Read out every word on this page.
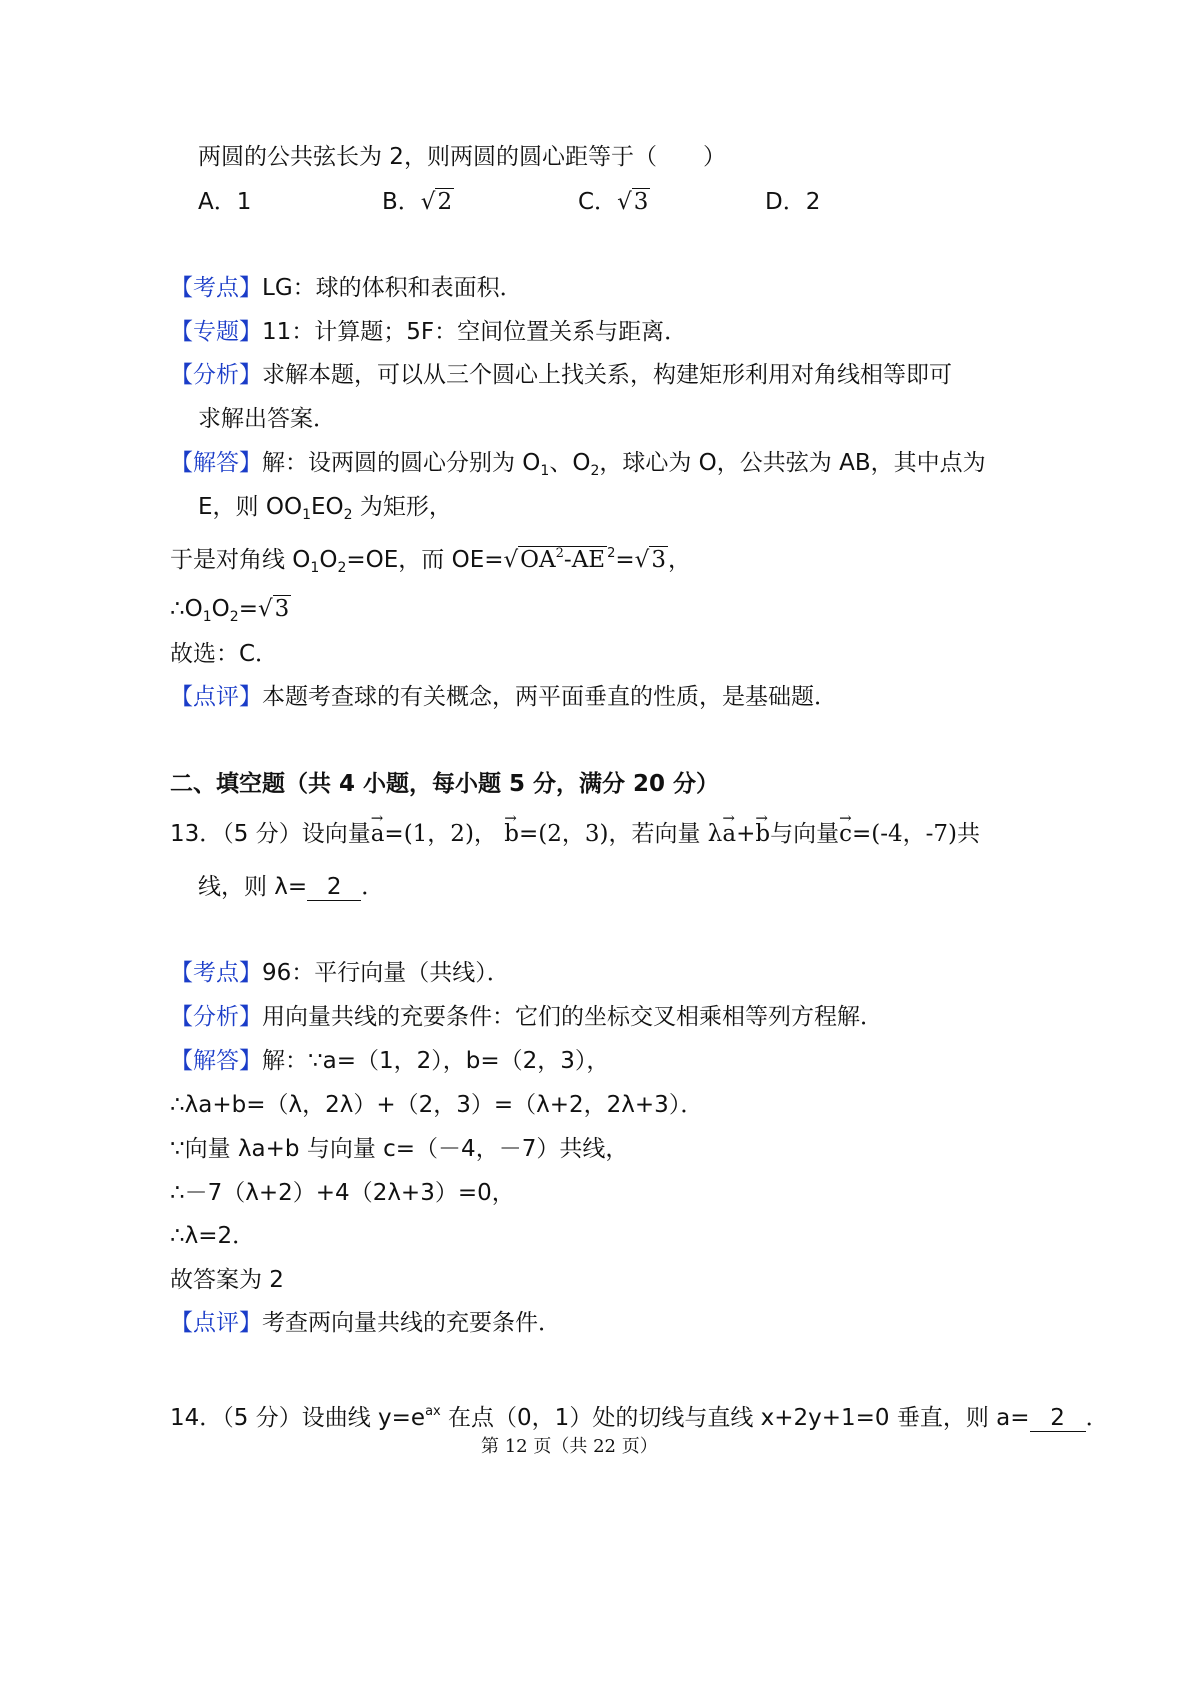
两圆的公共弦长为 2，则两圆的圆心距等于（　　）
A．1	B．√2	C．√3	D．2
【考点】LG：球的体积和表面积．
【专题】11：计算题；5F：空间位置关系与距离．
【分析】求解本题，可以从三个圆心上找关系，构建矩形利用对角线相等即可
求解出答案．
【解答】解：设两圆的圆心分别为 $O_1$、$O_2$，球心为 O，公共弦为 AB，其中点为
E，则 $OO_1EO_2$ 为矩形，
于是对角线 $O_1O_2=OE$，而 $OE=√OA^2-AE$ $^2$=√3，
$\therefore O_1O_2=√3$
故选：C．
【点评】本题考查球的有关概念，两平面垂直的性质，是基础题．
二、填空题（共 4 小题，每小题 5 分，满分 20 分）
13．（5 分）设向量→ a=(1，2)， → b=(2，3)，若向量 λ→ a+→ b与向量→ c=(-4，-7)共
线，则 λ= 2 ．
【考点】96：平行向量（共线）．
【分析】用向量共线的充要条件：它们的坐标交叉相乘相等列方程解．
【解答】解：∵a=（1，2），b=（2，3），
∴λa+b=（λ，2λ）+（2，3）=（λ+2，2λ+3）．
∵向量 λa+b 与向量 c=（－4，－7）共线，
∴－7（λ+2）+4（2λ+3）=0，
∴λ=2．
故答案为 2
【点评】考查两向量共线的充要条件．
14．（5 分）设曲线 $y=e^{ax}$ 在点（0，1）处的切线与直线 x+2y+1=0 垂直，则 a= 2 ．
第 12 页（共 22 页）
